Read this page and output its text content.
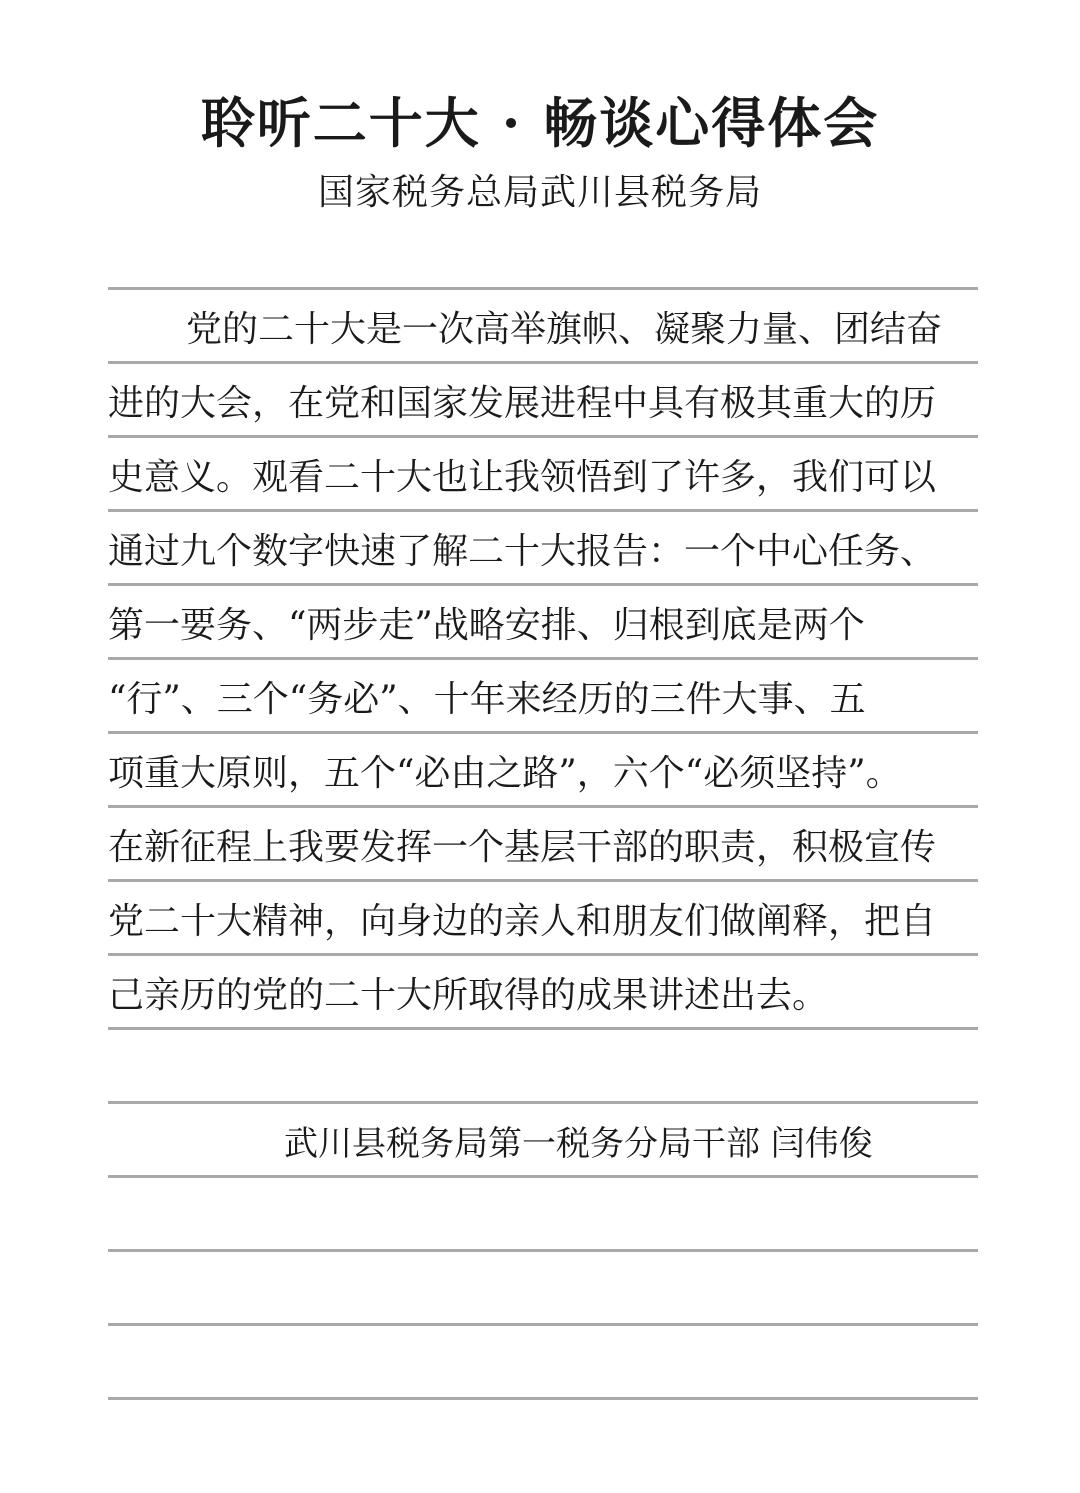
聆听二十大 · 畅谈心得体会
国家税务总局武川县税务局
党的二十大是一次高举旗帜、凝聚力量、团结奋
进的大会，在党和国家发展进程中具有极其重大的历
史意义。观看二十大也让我领悟到了许多，我们可以
通过九个数字快速了解二十大报告：一个中心任务、
第一要务、“两步走”战略安排、归根到底是两个
“行”、三个“务必”、十年来经历的三件大事、五
项重大原则，五个“必由之路”，六个“必须坚持”。
在新征程上我要发挥一个基层干部的职责，积极宣传
党二十大精神，向身边的亲人和朋友们做阐释，把自
己亲历的党的二十大所取得的成果讲述出去。
武川县税务局第一税务分局干部 闫伟俊
